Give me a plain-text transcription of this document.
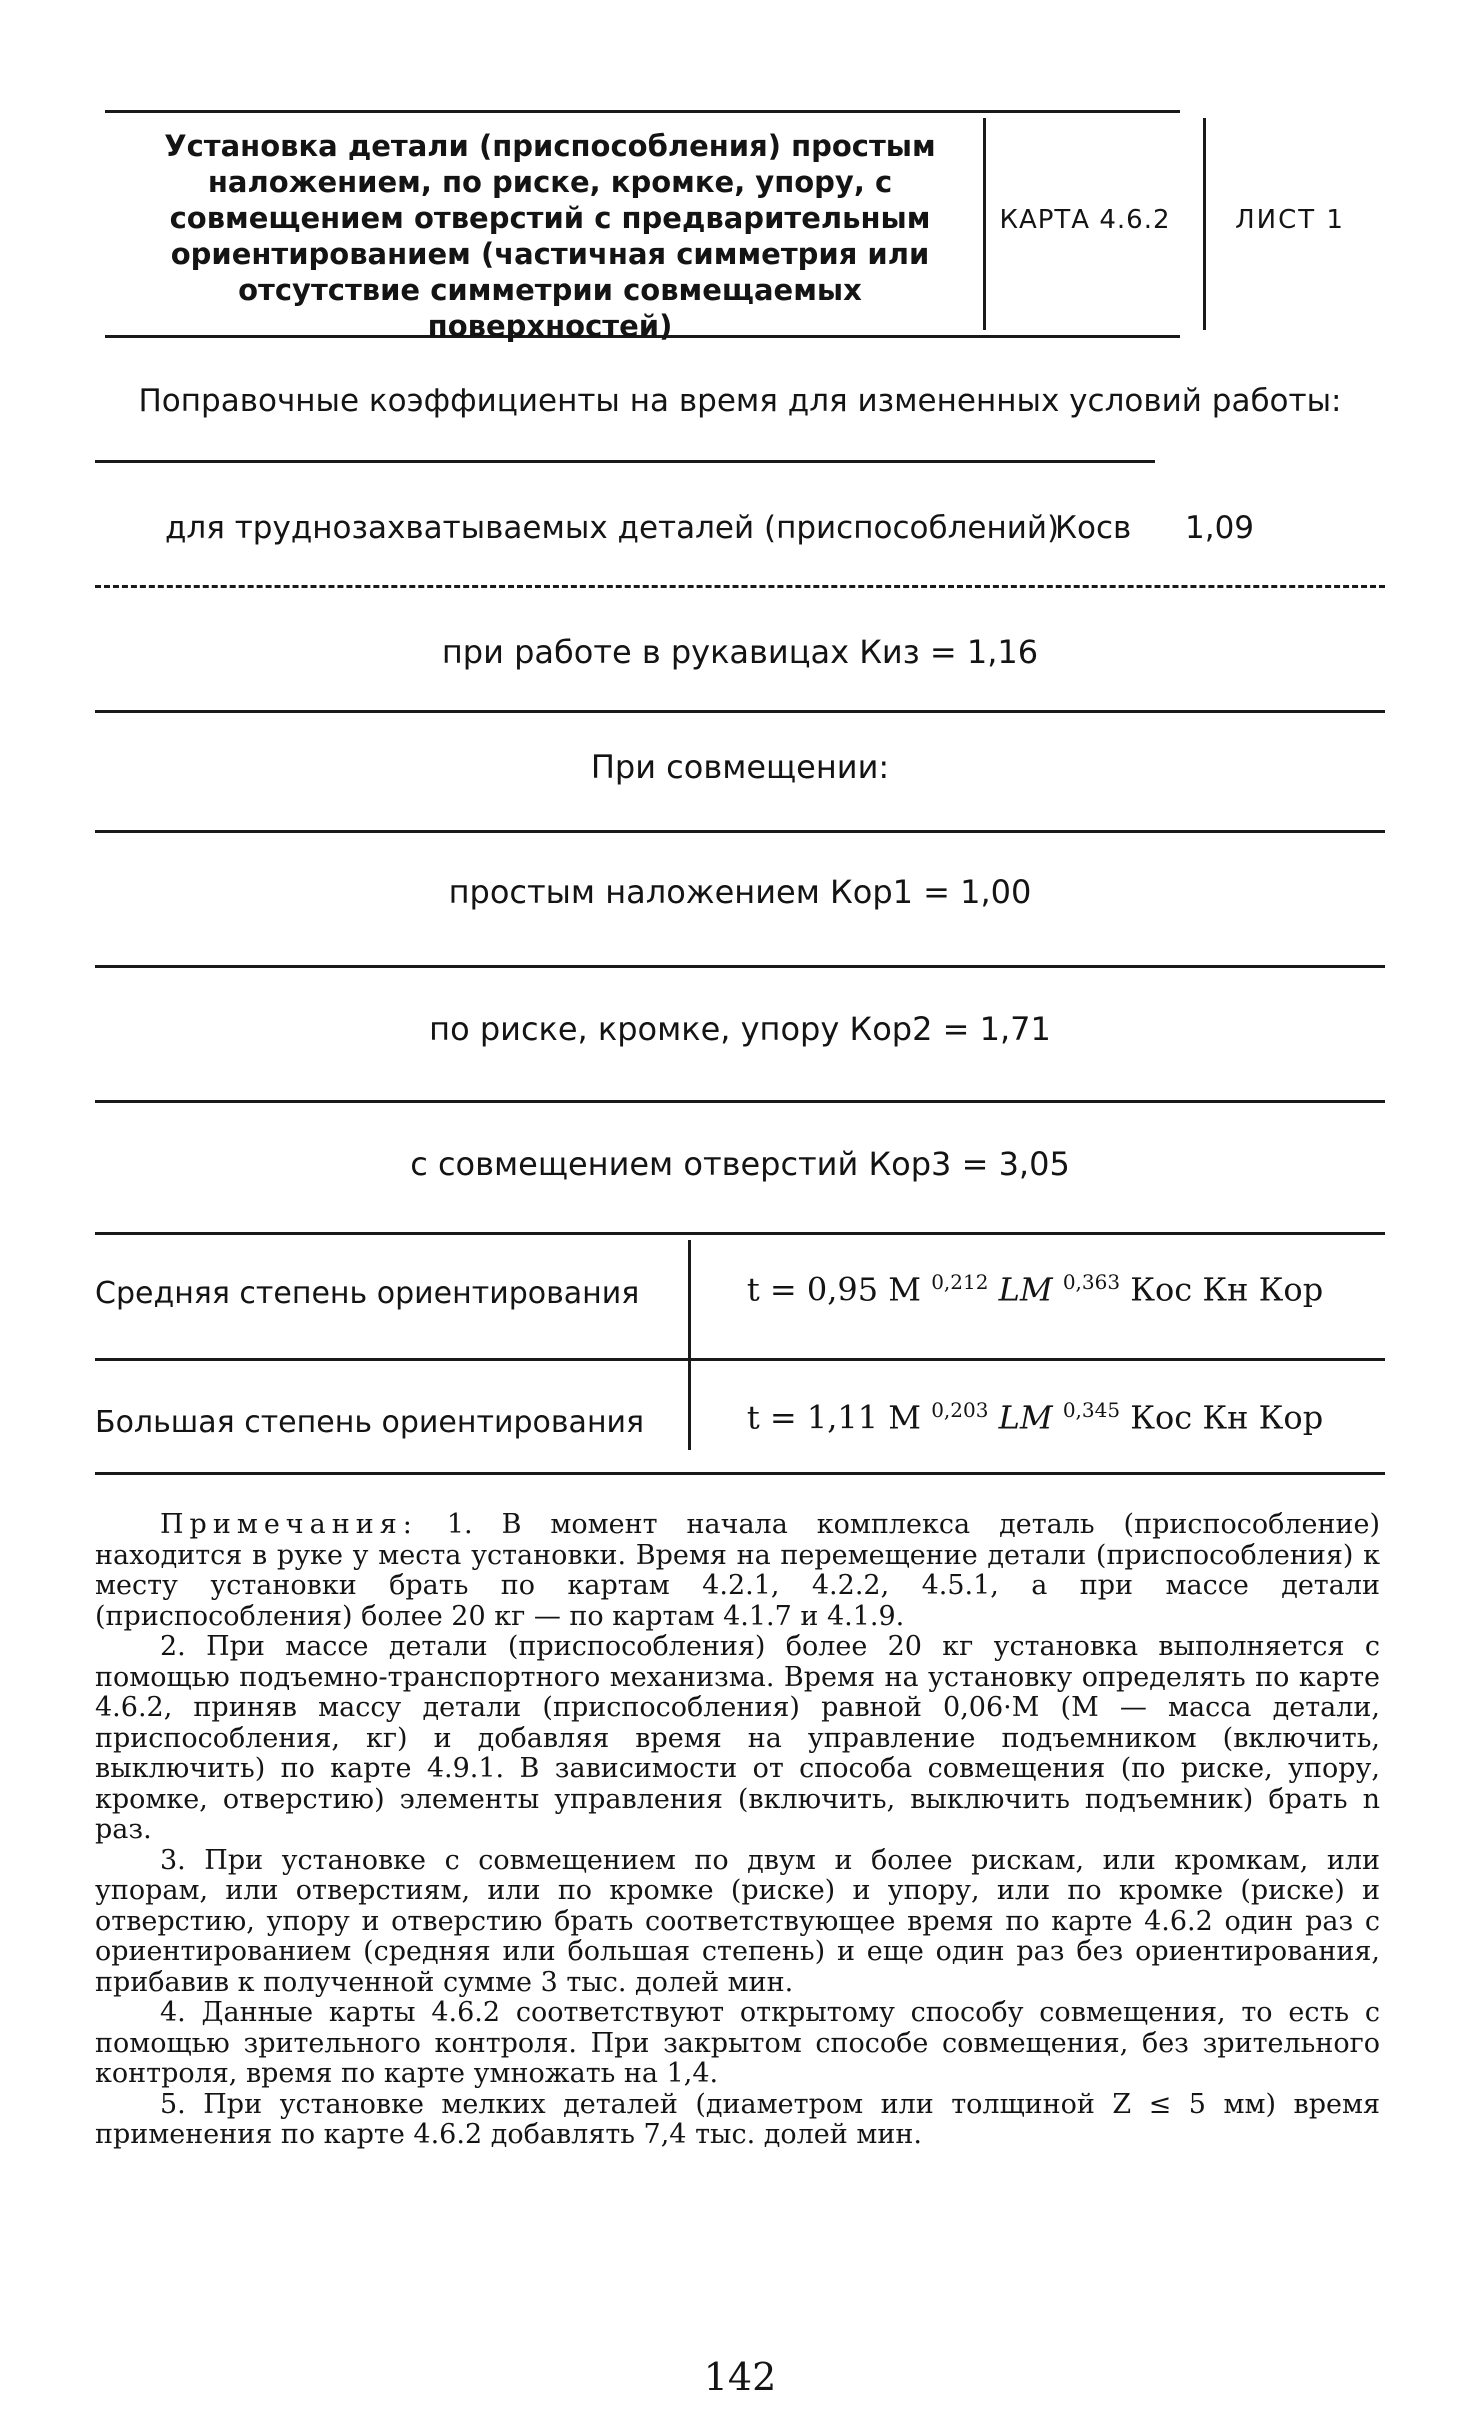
Установка детали (приспособления) простым наложением, по риске, кромке, упору, с совмещением отверстий с предварительным ориентированием (частичная симметрия или отсутствие симметрии совмещаемых поверхностей)
КАРТА 4.6.2	ЛИСТ 1
Поправочные коэффициенты на время для измененных условий работы:
для труднозахватываемых деталей (приспособлений)
Косв 1,09
при работе в рукавицах Киз = 1,16
При совмещении:
простым наложением Кор1 = 1,00
по риске, кромке, упору Кор2 = 1,71
с совмещением отверстий Кор3 = 3,05
Средняя степень ориентирования	t = 0,95 M $^{0,212}$ LM $^{0,363}$ Кос Кн Кор
Большая степень ориентирования	t = 1,11 M $^{0,203}$ LM $^{0,345}$ Кос Кн Кор

Примечания: 1. В момент начала комплекса деталь (приспособление) находится в руке у места установки. Время на перемещение детали (приспособления) к месту установки брать по картам 4.2.1, 4.2.2, 4.5.1, а при массе детали (приспособления) более 20 кг — по картам 4.1.7 и 4.1.9.

2. При массе детали (приспособления) более 20 кг установка выполняется с помощью подъемно-транспортного механизма. Время на установку определять по карте 4.6.2, приняв массу детали (приспособления) равной 0,06·M (M — масса детали, приспособления, кг) и добавляя время на управление подъемником (включить, выключить) по карте 4.9.1. В зависимости от способа совмещения (по риске, упору, кромке, отверстию) элементы управления (включить, выключить подъемник) брать n раз.

3. При установке с совмещением по двум и более рискам, или кромкам, или упорам, или отверстиям, или по кромке (риске) и упору, или по кромке (риске) и отверстию, упору и отверстию брать соответствующее время по карте 4.6.2 один раз с ориентированием (средняя или большая степень) и еще один раз без ориентирования, прибавив к полученной сумме 3 тыс. долей мин.

4. Данные карты 4.6.2 соответствуют открытому способу совмещения, то есть с помощью зрительного контроля. При закрытом способе совмещения, без зрительного контроля, время по карте умножать на 1,4.

5. При установке мелких деталей (диаметром или толщиной Z ≤ 5 мм) время применения по карте 4.6.2 добавлять 7,4 тыс. долей мин.

142
